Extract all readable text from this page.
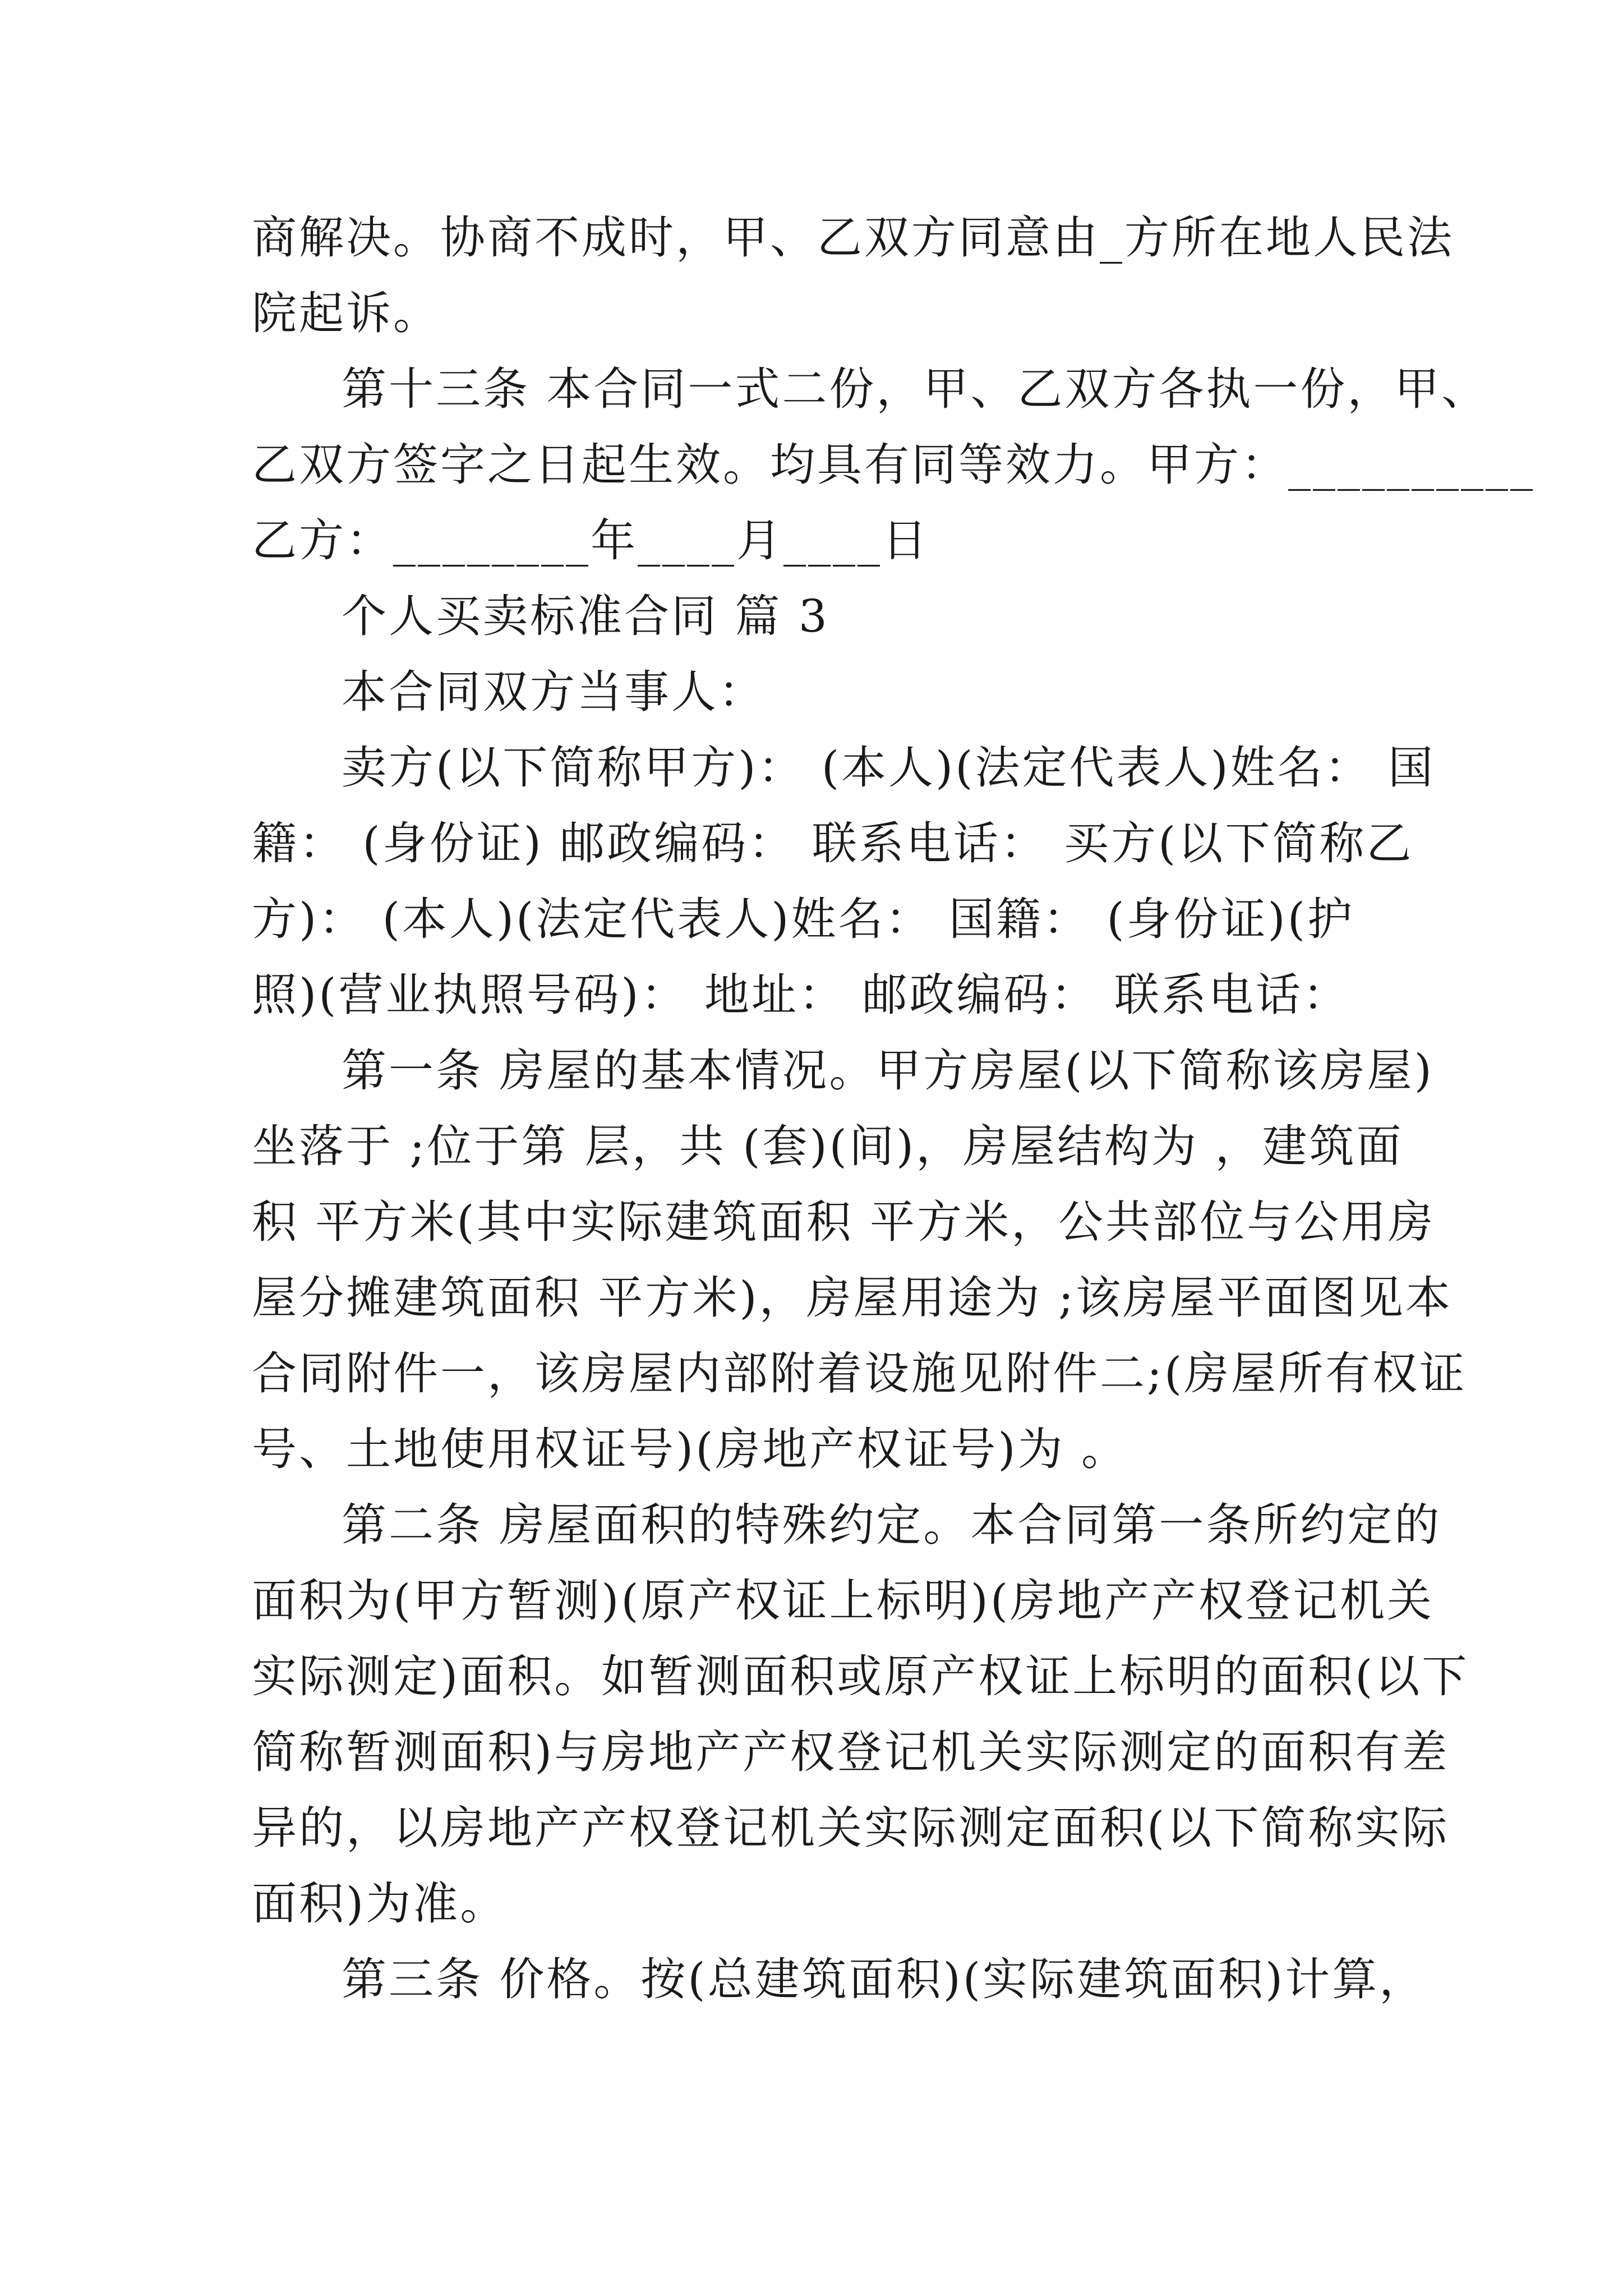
商解决。协商不成时，甲、乙双方同意由_方所在地人民法
院起诉。
第十三条 本合同一式二份，甲、乙双方各执一份，甲、
乙双方签字之日起生效。均具有同等效力。甲方：__________
乙方：________年____月____日
个人买卖标准合同 篇 3
本合同双方当事人：
卖方(以下简称甲方)： (本人)(法定代表人)姓名： 国
籍： (身份证) 邮政编码： 联系电话： 买方(以下简称乙
方)： (本人)(法定代表人)姓名： 国籍： (身份证)(护
照)(营业执照号码)： 地址： 邮政编码： 联系电话：
第一条 房屋的基本情况。甲方房屋(以下简称该房屋)
坐落于 ;位于第 层，共 (套)(间)，房屋结构为 ，建筑面
积 平方米(其中实际建筑面积 平方米，公共部位与公用房
屋分摊建筑面积 平方米)，房屋用途为 ;该房屋平面图见本
合同附件一，该房屋内部附着设施见附件二;(房屋所有权证
号、土地使用权证号)(房地产权证号)为 。
第二条 房屋面积的特殊约定。本合同第一条所约定的
面积为(甲方暂测)(原产权证上标明)(房地产产权登记机关
实际测定)面积。如暂测面积或原产权证上标明的面积(以下
简称暂测面积)与房地产产权登记机关实际测定的面积有差
异的，以房地产产权登记机关实际测定面积(以下简称实际
面积)为准。
第三条 价格。按(总建筑面积)(实际建筑面积)计算，
